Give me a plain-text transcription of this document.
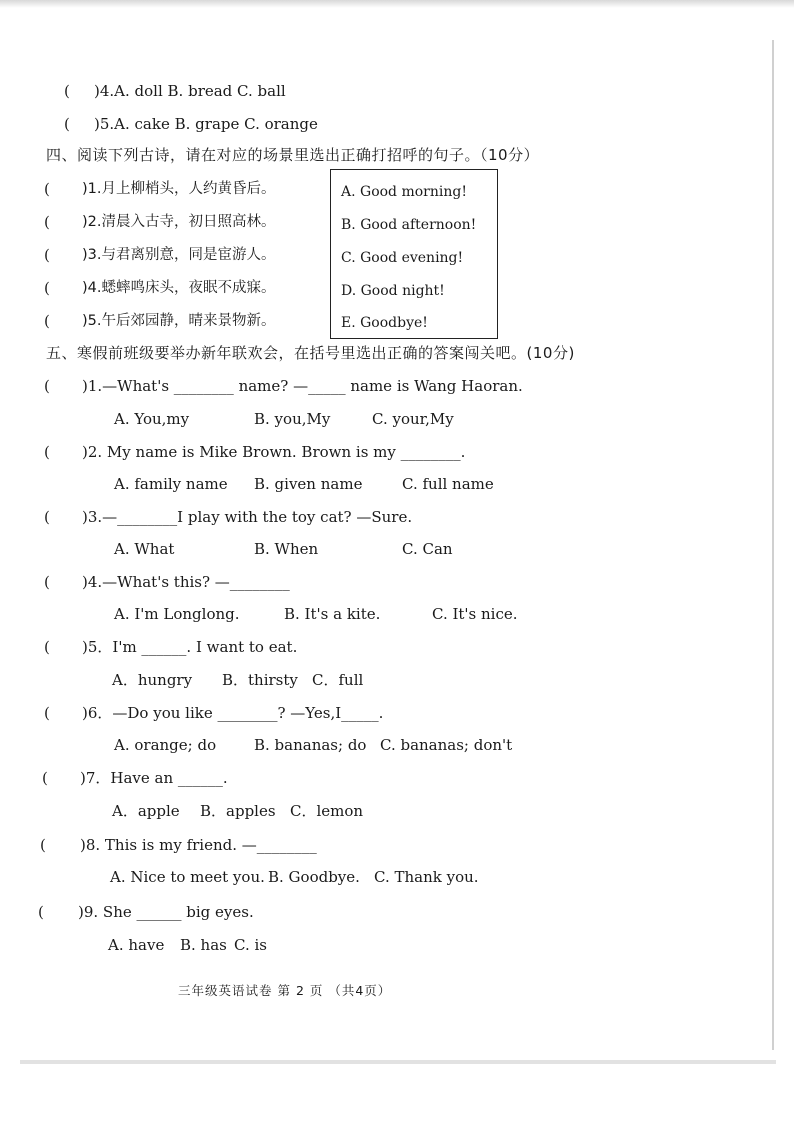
( )4.A. doll B. bread C. ball
( )5.A. cake B. grape C. orange
四、阅读下列古诗，请在对应的场景里选出正确打招呼的句子。（10分）
( )1.月上柳梢头，人约黄昏后。
( )2.清晨入古寺，初日照高林。
( )3.与君离别意，同是宦游人。
( )4.蟋蟀鸣床头，夜眠不成寐。
( )5.午后郊园静，晴来景物新。
A. Good morning!
B. Good afternoon!
C. Good evening!
D. Good night!
E. Goodbye!
五、寒假前班级要举办新年联欢会，在括号里选出正确的答案闯关吧。(10分)
( )1.—What's ________ name? —_____ name is Wang Haoran.
A. You,my	B. you,My	C. your,My
( )2. My name is Mike Brown. Brown is my ________.
A. family name B. given name	C. full name
( )3.—________I play with the toy cat? —Sure.
A. What	B. When	C. Can
( )4.—What's this? —________
A. I'm Longlong.	B. It's a kite.	C. It's nice.
( )5．I'm ______. I want to eat.
A．hungry B．thirsty C．full
( )6．—Do you like ________? —Yes,I_____.
A. orange; do	B. bananas; do C. bananas; don't
( )7．Have an ______.
A．apple B．apples C．lemon
( )8. This is my friend. —________
A. Nice to meet you. B. Goodbye. C. Thank you.
( )9. She ______ big eyes.
A. have B. has C. is
三年级英语试卷 第 2 页 （共4页）
